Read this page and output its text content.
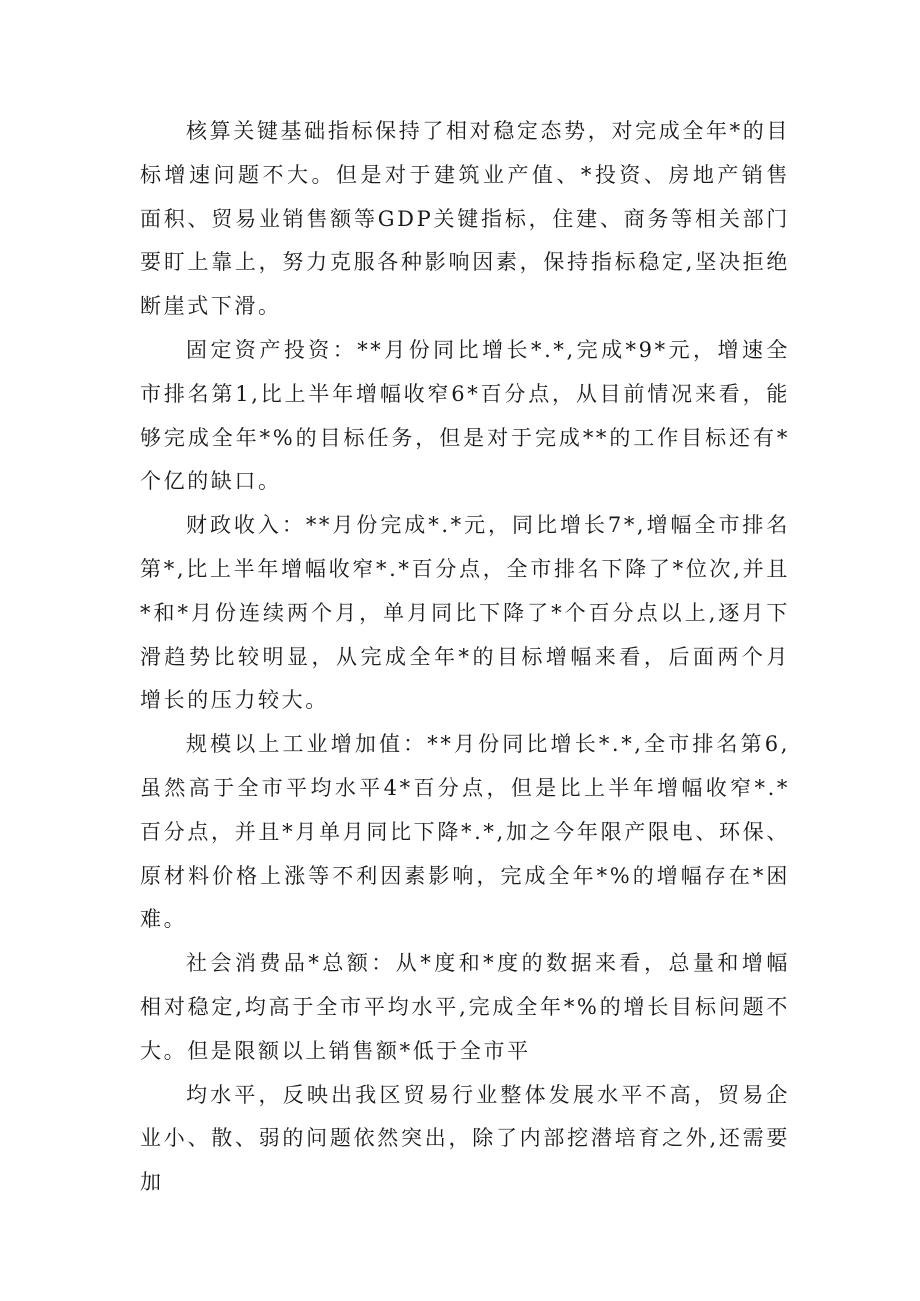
核算关键基础指标保持了相对稳定态势，对完成全年*的目标增速问题不大。但是对于建筑业产值、*投资、房地产销售面积、贸易业销售额等GDP关键指标，住建、商务等相关部门要盯上靠上，努力克服各种影响因素，保持指标稳定,坚决拒绝断崖式下滑。

固定资产投资：**月份同比增长*.*,完成*9*元，增速全市排名第1,比上半年增幅收窄6*百分点，从目前情况来看，能够完成全年*%的目标任务，但是对于完成**的工作目标还有*个亿的缺口。

财政收入：**月份完成*.*元，同比增长7*,增幅全市排名第*,比上半年增幅收窄*.*百分点，全市排名下降了*位次,并且*和*月份连续两个月，单月同比下降了*个百分点以上,逐月下滑趋势比较明显，从完成全年*的目标增幅来看，后面两个月增长的压力较大。

规模以上工业增加值：**月份同比增长*.*,全市排名第6,虽然高于全市平均水平4*百分点，但是比上半年增幅收窄*.*百分点，并且*月单月同比下降*.*,加之今年限产限电、环保、原材料价格上涨等不利因素影响，完成全年*%的增幅存在*困难。

社会消费品*总额：从*度和*度的数据来看，总量和增幅相对稳定,均高于全市平均水平,完成全年*%的增长目标问题不大。但是限额以上销售额*低于全市平

均水平，反映出我区贸易行业整体发展水平不高，贸易企业小、散、弱的问题依然突出，除了内部挖潜培育之外,还需要加
